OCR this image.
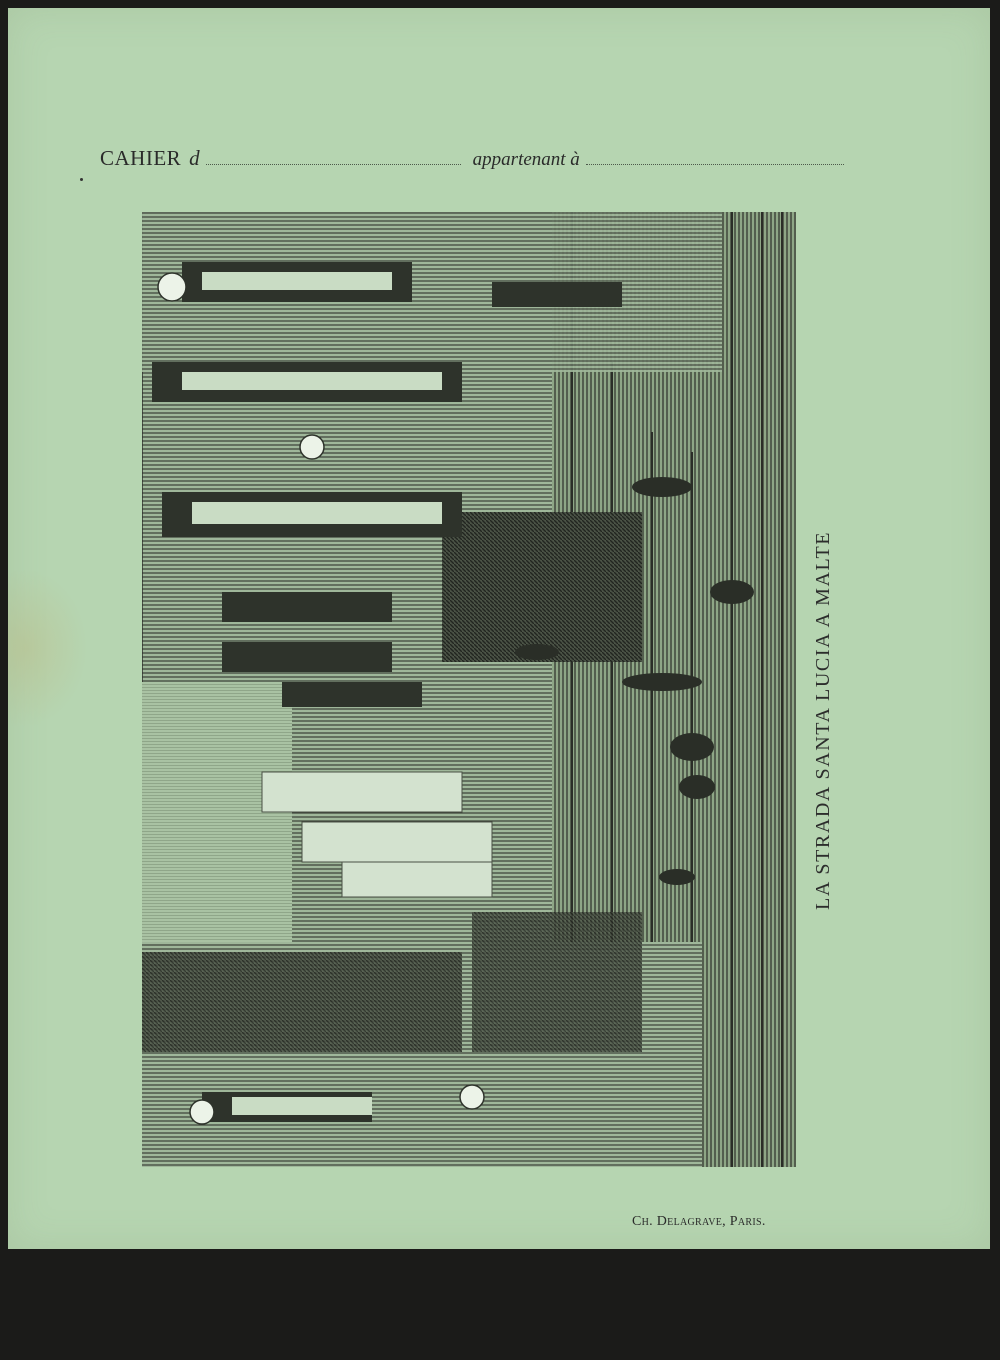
CAHIER d	appartenant à
LA STRADA SANTA LUCIA A MALTE
Ch. Delagrave, Paris.
